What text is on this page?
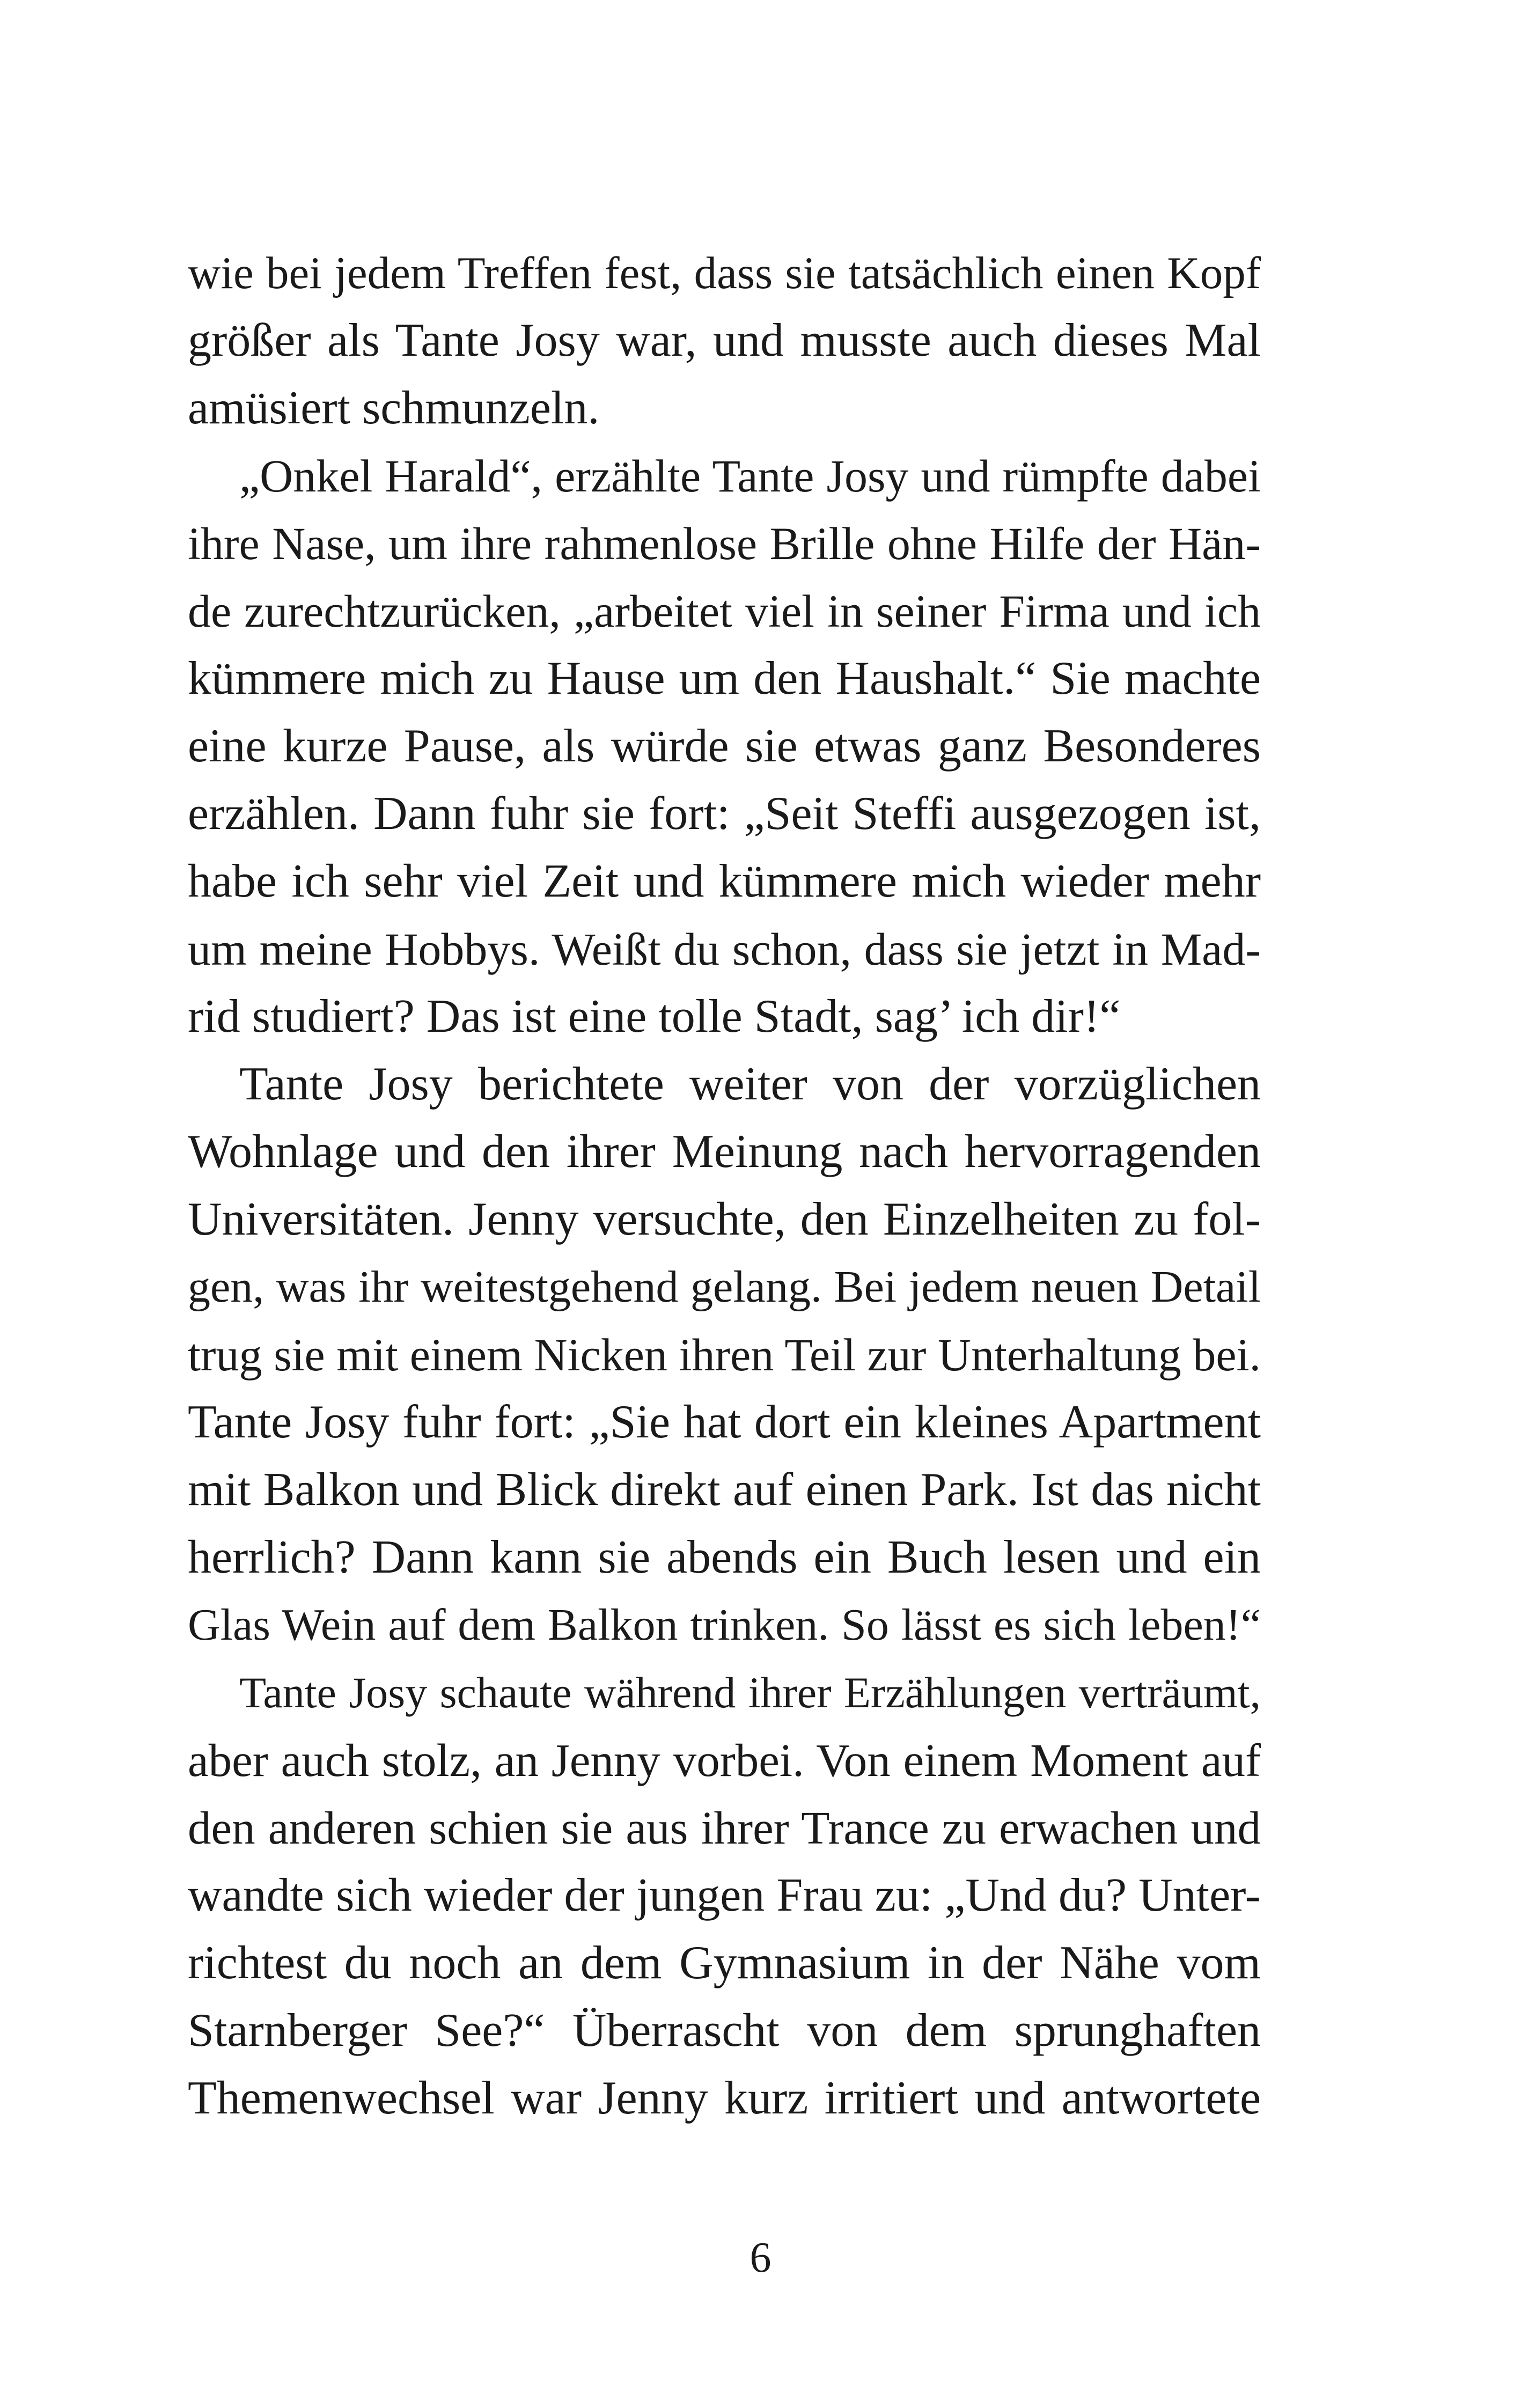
wie bei jedem Treffen fest, dass sie tatsächlich einen Kopf
größer als Tante Josy war, und musste auch dieses Mal
amüsiert schmunzeln.
„Onkel Harald“, erzählte Tante Josy und rümpfte dabei
ihre Nase, um ihre rahmenlose Brille ohne Hilfe der Hän-
de zurechtzurücken, „arbeitet viel in seiner Firma und ich
kümmere mich zu Hause um den Haushalt.“ Sie machte
eine kurze Pause, als würde sie etwas ganz Besonderes
erzählen. Dann fuhr sie fort: „Seit Steffi ausgezogen ist,
habe ich sehr viel Zeit und kümmere mich wieder mehr
um meine Hobbys. Weißt du schon, dass sie jetzt in Mad-
rid studiert? Das ist eine tolle Stadt, sag’ ich dir!“
Tante Josy berichtete weiter von der vorzüglichen
Wohnlage und den ihrer Meinung nach hervorragenden
Universitäten. Jenny versuchte, den Einzelheiten zu fol-
gen, was ihr weitestgehend gelang. Bei jedem neuen Detail
trug sie mit einem Nicken ihren Teil zur Unterhaltung bei.
Tante Josy fuhr fort: „Sie hat dort ein kleines Apartment
mit Balkon und Blick direkt auf einen Park. Ist das nicht
herrlich? Dann kann sie abends ein Buch lesen und ein
Glas Wein auf dem Balkon trinken. So lässt es sich leben!“
Tante Josy schaute während ihrer Erzählungen verträumt,
aber auch stolz, an Jenny vorbei. Von einem Moment auf
den anderen schien sie aus ihrer Trance zu erwachen und
wandte sich wieder der jungen Frau zu: „Und du? Unter-
richtest du noch an dem Gymnasium in der Nähe vom
Starnberger See?“ Überrascht von dem sprunghaften
Themenwechsel war Jenny kurz irritiert und antwortete
6
